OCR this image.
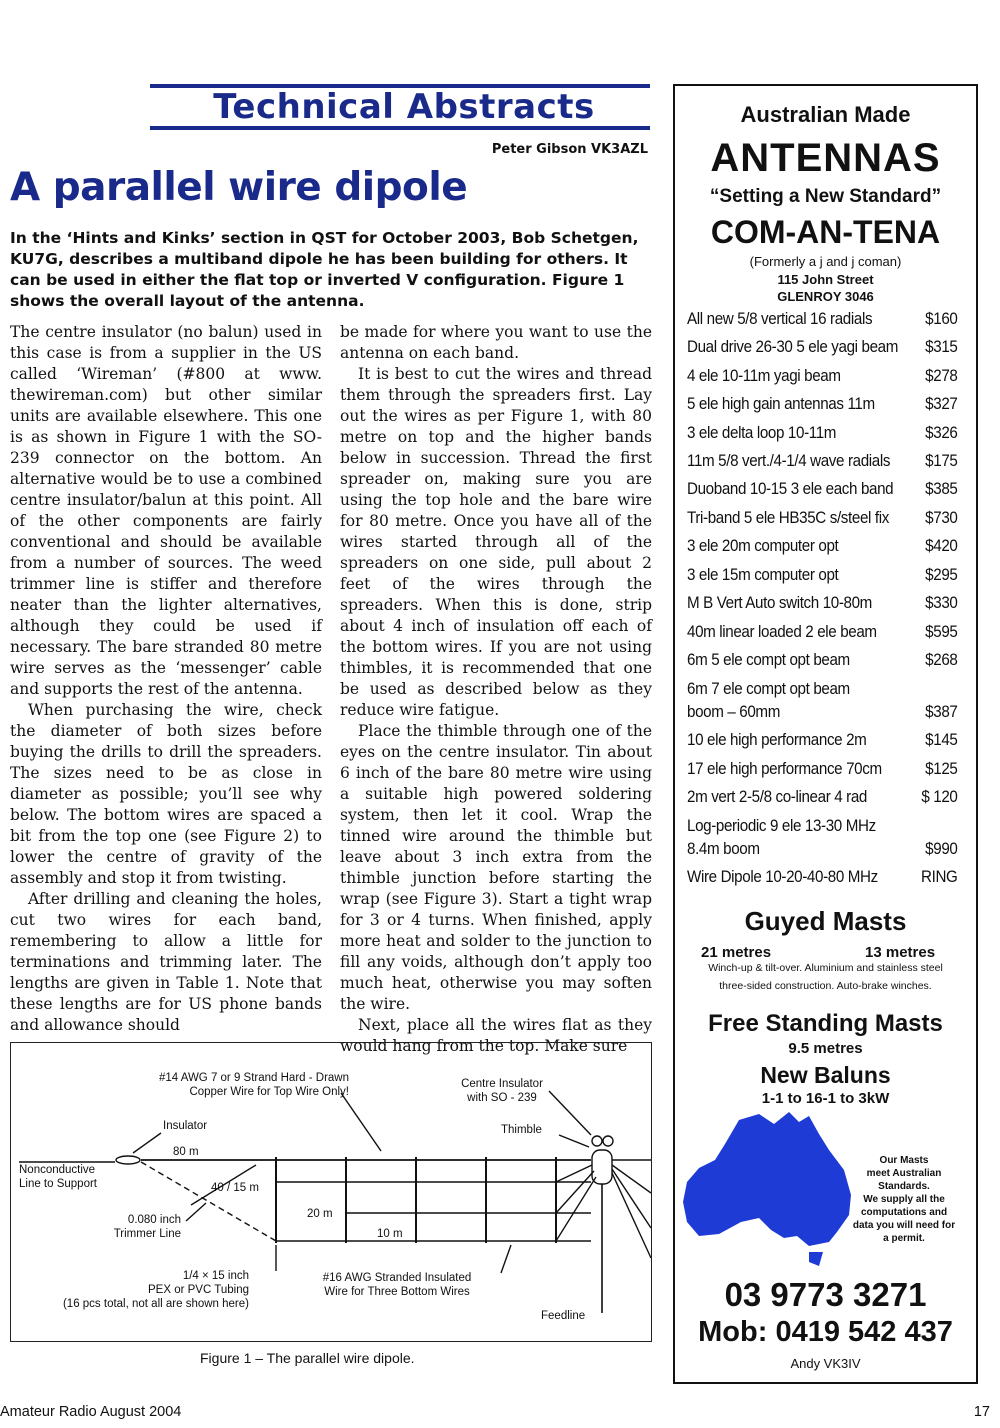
Technical Abstracts
Peter Gibson VK3AZL
A parallel wire dipole

In the ‘Hints and Kinks’ section in QST for October 2003, Bob Schetgen, KU7G, describes a multiband dipole he has been building for others. It can be used in either the flat top or inverted V configuration. Figure 1 shows the overall layout of the antenna.

The centre insulator (no balun) used in this case is from a supplier in the US called ‘Wireman’ (#800 at www. thewireman.com) but other similar units are available elsewhere. This one is as shown in Figure 1 with the SO-239 connector on the bottom. An alternative would be to use a combined centre insulator/balun at this point. All of the other components are fairly conventional and should be available from a number of sources. The weed trimmer line is stiffer and therefore neater than the lighter alternatives, although they could be used if necessary. The bare stranded 80 metre wire serves as the ‘messenger’ cable and supports the rest of the antenna.

When purchasing the wire, check the diameter of both sizes before buying the drills to drill the spreaders. The sizes need to be as close in diameter as possible; you’ll see why below. The bottom wires are spaced a bit from the top one (see Figure 2) to lower the centre of gravity of the assembly and stop it from twisting.

After drilling and cleaning the holes, cut two wires for each band, remembering to allow a little for terminations and trimming later. The lengths are given in Table 1. Note that these lengths are for US phone bands and allowance should

be made for where you want to use the antenna on each band.

It is best to cut the wires and thread them through the spreaders first. Lay out the wires as per Figure 1, with 80 metre on top and the higher bands below in succession. Thread the first spreader on, making sure you are using the top hole and the bare wire for 80 metre. Once you have all of the wires started through all of the spreaders on one side, pull about 2 feet of the wires through the spreaders. When this is done, strip about 4 inch of insulation off each of the bottom wires. If you are not using thimbles, it is recommended that one be used as described below as they reduce wire fatigue.

Place the thimble through one of the eyes on the centre insulator. Tin about 6 inch of the bare 80 metre wire using a suitable high powered soldering system, then let it cool. Wrap the tinned wire around the thimble but leave about 3 inch extra from the thimble junction before starting the wrap (see Figure 3). Start a tight wrap for 3 or 4 turns. When finished, apply more heat and solder to the junction to fill any voids, although don’t apply too much heat, otherwise you may soften the wire.

Next, place all the wires flat as they would hang from the top. Make sure

#14 AWG 7 or 9 Strand Hard - Drawn
Copper Wire for Top Wire Only!
Centre Insulator
with SO - 239
Insulator	Thimble
80 m
Nonconductive
Line to Support	40 / 15 m
20 m
10 m
0.080 inch
Trimmer Line
1/4 × 15 inch
PEX or PVC Tubing
(16 pcs total, not all are shown here)
#16 AWG Stranded Insulated
Wire for Three Bottom Wires
Feedline
Figure 1 – The parallel wire dipole.
Australian Made
ANTENNAS
“Setting a New Standard”
COM-AN-TENA
(Formerly a j and j coman)
115 John Street
GLENROY 3046
All new 5/8 vertical 16 radials	$160
Dual drive 26-30 5 ele yagi beam $315
4 ele 10-11m yagi beam	$278
5 ele high gain antennas 11m	$327
3 ele delta loop 10-11m	$326
11m 5/8 vert./4-1/4 wave radials $175
Duoband 10-15 3 ele each band $385
Tri-band 5 ele HB35C s/steel fix $730
3 ele 20m computer opt	$420
3 ele 15m computer opt	$295
M B Vert Auto switch 10-80m	$330
40m linear loaded 2 ele beam	$595
6m 5 ele compt opt beam	$268
6m 7 ele compt opt beam
boom – 60mm	$387
10 ele high performance 2m	$145
17 ele high performance 70cm	$125
2m vert 2-5/8 co-linear 4 rad	$ 120
Log-periodic 9 ele 13-30 MHz
8.4m boom	$990
Wire Dipole 10-20-40-80 MHz	RING
Guyed Masts
21 metres	13 metres
Winch-up & tilt-over. Aluminium and stainless steel
three-sided construction. Auto-brake winches.
Free Standing Masts
9.5 metres
New Baluns
1-1 to 16-1 to 3kW
Our Masts
meet Australian
Standards.
We supply all the
computations and
data you will need for
a permit.
03 9773 3271
Mob: 0419 542 437
Andy VK3IV
Amateur Radio August 2004	17
